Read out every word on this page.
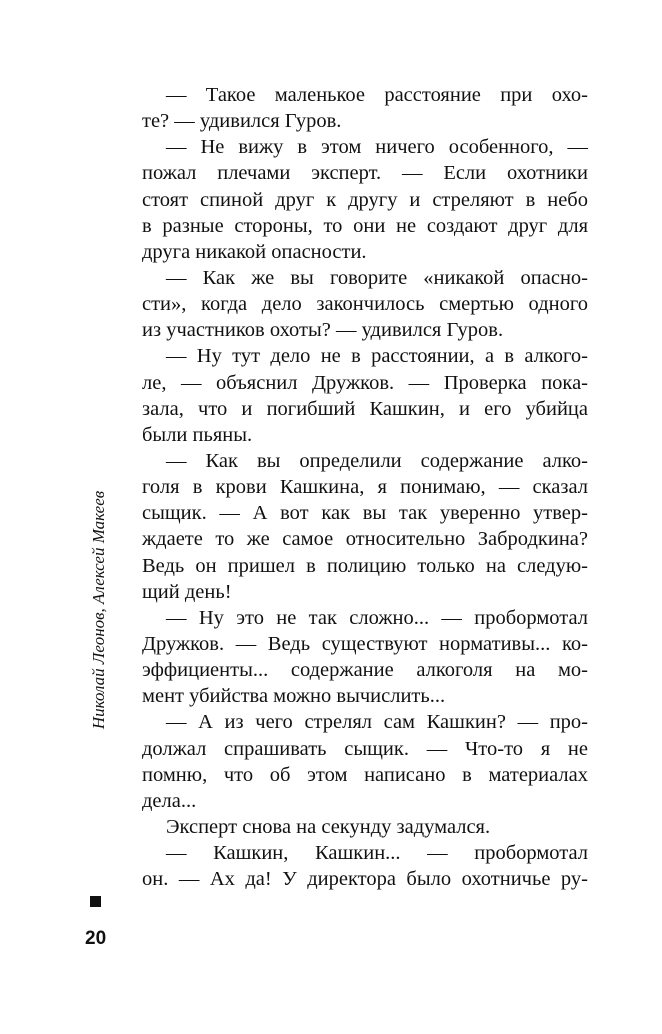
— Такое маленькое расстояние при охо-
те? — удивился Гуров.
— Не вижу в этом ничего особенного, —
пожал плечами эксперт. — Если охотники
стоят спиной друг к другу и стреляют в небо
в разные стороны, то они не создают друг для
друга никакой опасности.
— Как же вы говорите «никакой опасно-
сти», когда дело закончилось смертью одного
из участников охоты? — удивился Гуров.
— Ну тут дело не в расстоянии, а в алкого-
ле, — объяснил Дружков. — Проверка пока-
зала, что и погибший Кашкин, и его убийца
были пьяны.
— Как вы определили содержание алко-
голя в крови Кашкина, я понимаю, — сказал
сыщик. — А вот как вы так уверенно утвер-
ждаете то же самое относительно Забродкина?
Ведь он пришел в полицию только на следую-
щий день!
— Ну это не так сложно... — пробормотал
Дружков. — Ведь существуют нормативы... ко-
эффициенты... содержание алкоголя на мо-
мент убийства можно вычислить...
— А из чего стрелял сам Кашкин? — про-
должал спрашивать сыщик. — Что-то я не
помню, что об этом написано в материалах
дела...
Эксперт снова на секунду задумался.
— Кашкин, Кашкин... — пробормотал
он. — Ах да! У директора было охотничье ру-
Николай Леонов, Алексей Макеев
20
